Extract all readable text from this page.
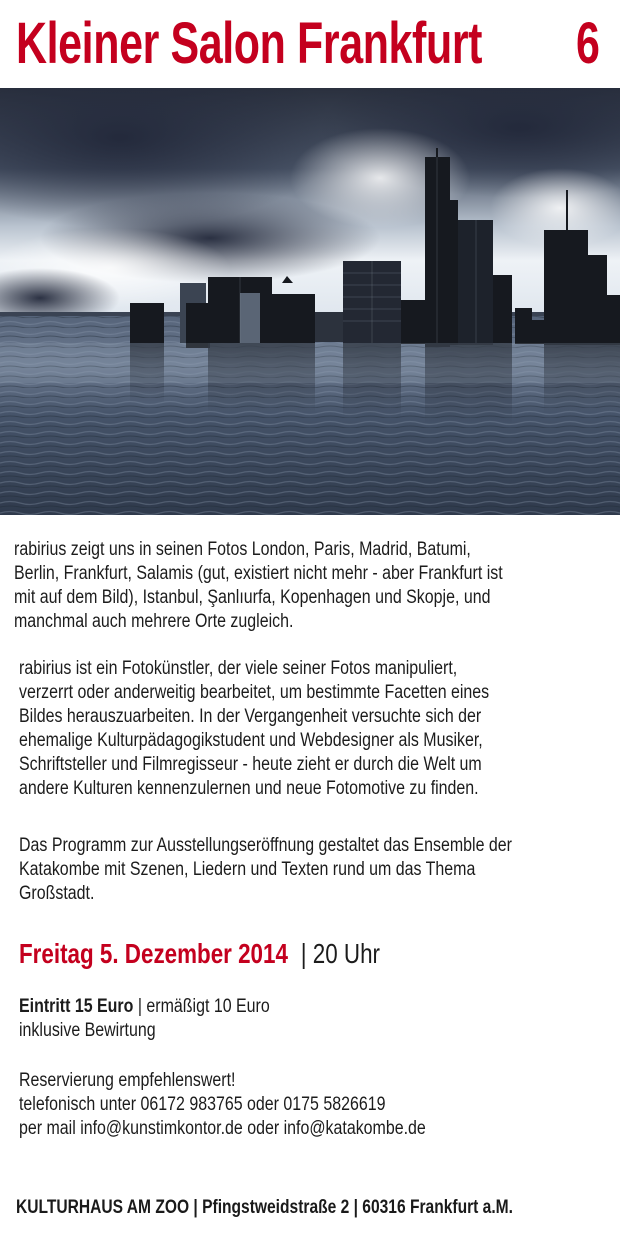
Kleiner Salon Frankfurt	6
rabirius zeigt uns in seinen Fotos London, Paris, Madrid, Batumi,
Berlin, Frankfurt, Salamis (gut, existiert nicht mehr - aber Frankfurt ist
mit auf dem Bild), Istanbul, Şanlıurfa, Kopenhagen und Skopje, und
manchmal auch mehrere Orte zugleich.
rabirius ist ein Fotokünstler, der viele seiner Fotos manipuliert,
verzerrt oder anderweitig bearbeitet, um bestimmte Facetten eines
Bildes herauszuarbeiten. In der Vergangenheit versuchte sich der
ehemalige Kulturpädagogikstudent und Webdesigner als Musiker,
Schriftsteller und Filmregisseur - heute zieht er durch die Welt um
andere Kulturen kennenzulernen und neue Fotomotive zu finden.
Das Programm zur Ausstellungseröffnung gestaltet das Ensemble der
Katakombe mit Szenen, Liedern und Texten rund um das Thema
Großstadt.
Freitag 5. Dezember 2014 | 20 Uhr
Eintritt 15 Euro | ermäßigt 10 Euro
inklusive Bewirtung
Reservierung empfehlenswert!
telefonisch unter 06172 983765 oder 0175 5826619
per mail info@kunstimkontor.de oder info@katakombe.de
KULTURHAUS AM ZOO | Pfingstweidstraße 2 | 60316 Frankfurt a.M.
